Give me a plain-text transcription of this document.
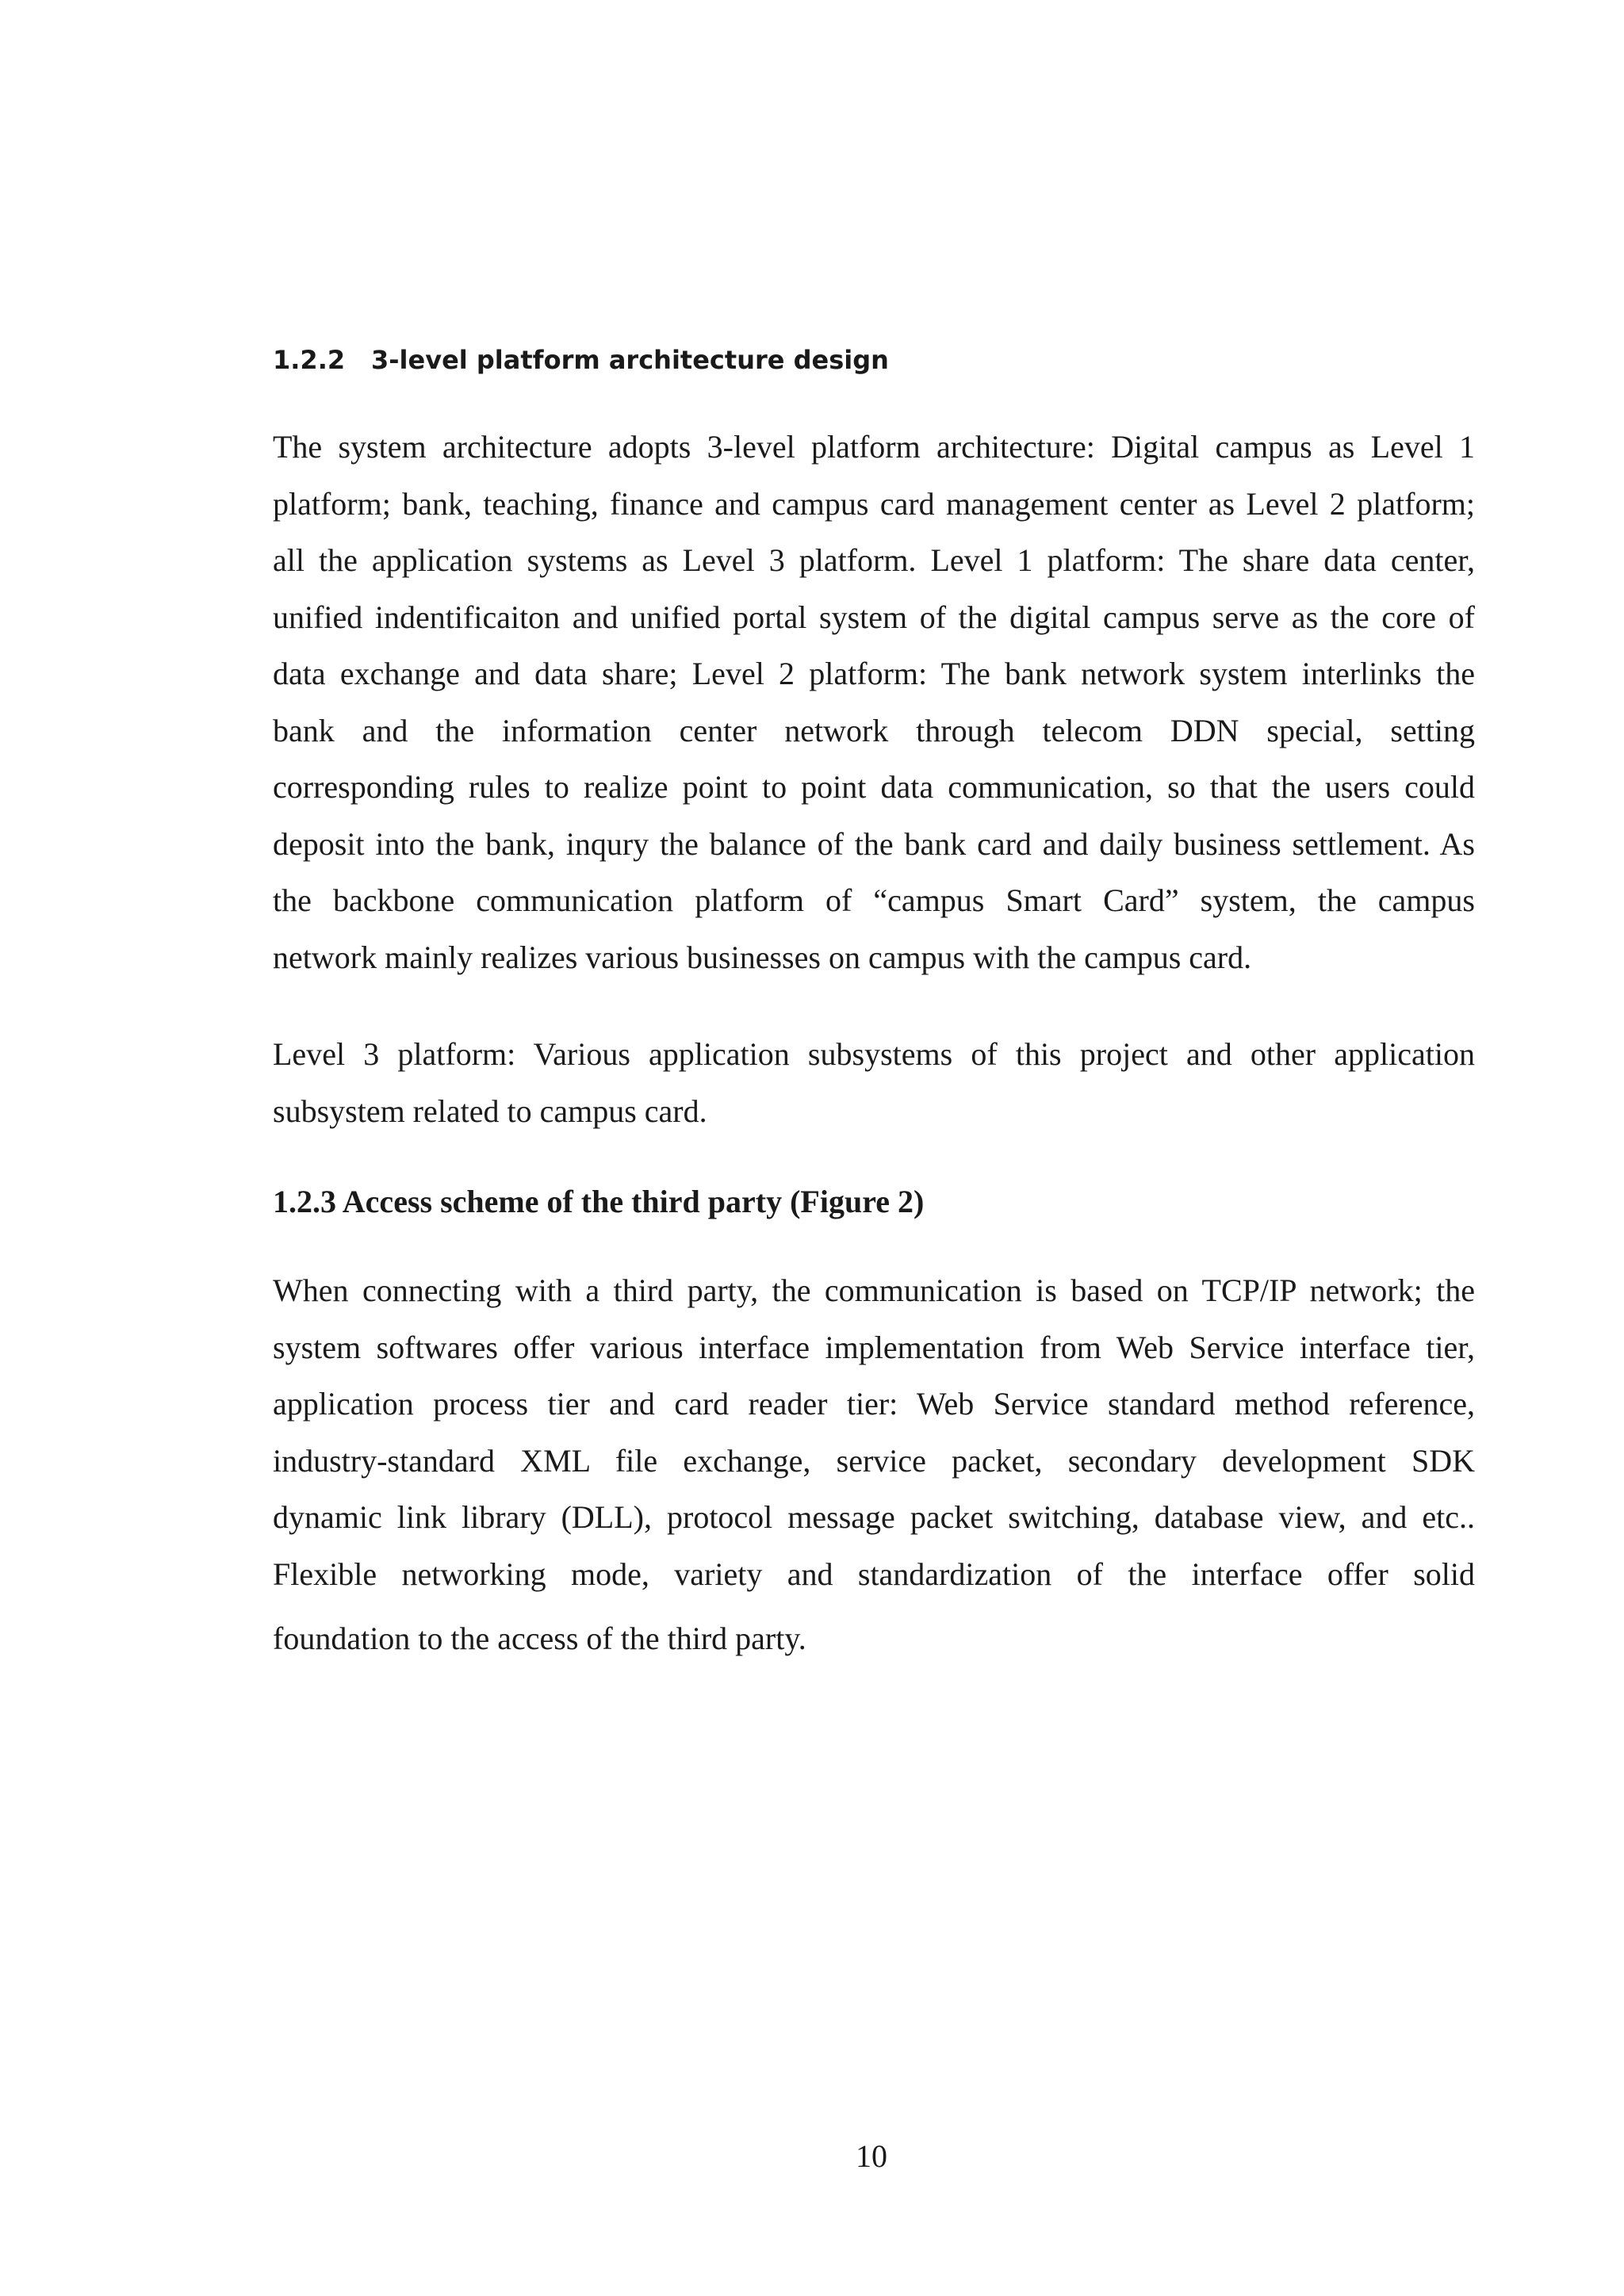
1.2.2 3-level platform architecture design

The system architecture adopts 3-level platform architecture: Digital campus as Level 1
platform; bank, teaching, finance and campus card management center as Level 2 platform;
all the application systems as Level 3 platform. Level 1 platform: The share data center,
unified indentificaiton and unified portal system of the digital campus serve as the core of
data exchange and data share; Level 2 platform: The bank network system interlinks the
bank and the information center network through telecom DDN special, setting
corresponding rules to realize point to point data communication, so that the users could
deposit into the bank, inqury the balance of the bank card and daily business settlement. As
the backbone communication platform of “campus Smart Card” system, the campus
network mainly realizes various businesses on campus with the campus card.

Level 3 platform: Various application subsystems of this project and other application
subsystem related to campus card.

1.2.3 Access scheme of the third party (Figure 2)

When connecting with a third party, the communication is based on TCP/IP network; the
system softwares offer various interface implementation from Web Service interface tier,
application process tier and card reader tier: Web Service standard method reference,
industry-standard XML file exchange, service packet, secondary development SDK
dynamic link library (DLL), protocol message packet switching, database view, and etc..
Flexible networking mode, variety and standardization of the interface offer solid
foundation to the access of the third party.

10
